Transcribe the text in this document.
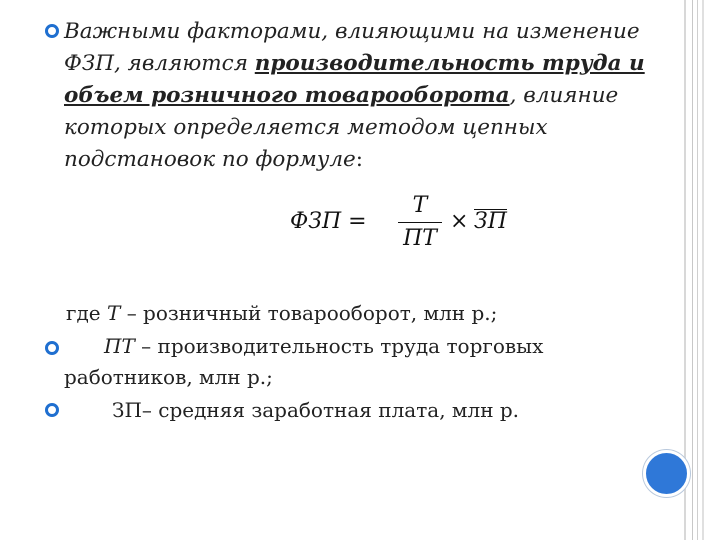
Важными факторами, влияющими на изменение ФЗП, являются производительность труда и объем розничного товарооборота, влияние которых определяется методом цепных подстановок по формуле:
ФЗП =
Т
ПТ
× ЗП
где Т – розничный товарооборот, млн р.;
ПТ – производительность труда торговых
работников, млн р.;
ЗП– средняя заработная плата, млн р.
